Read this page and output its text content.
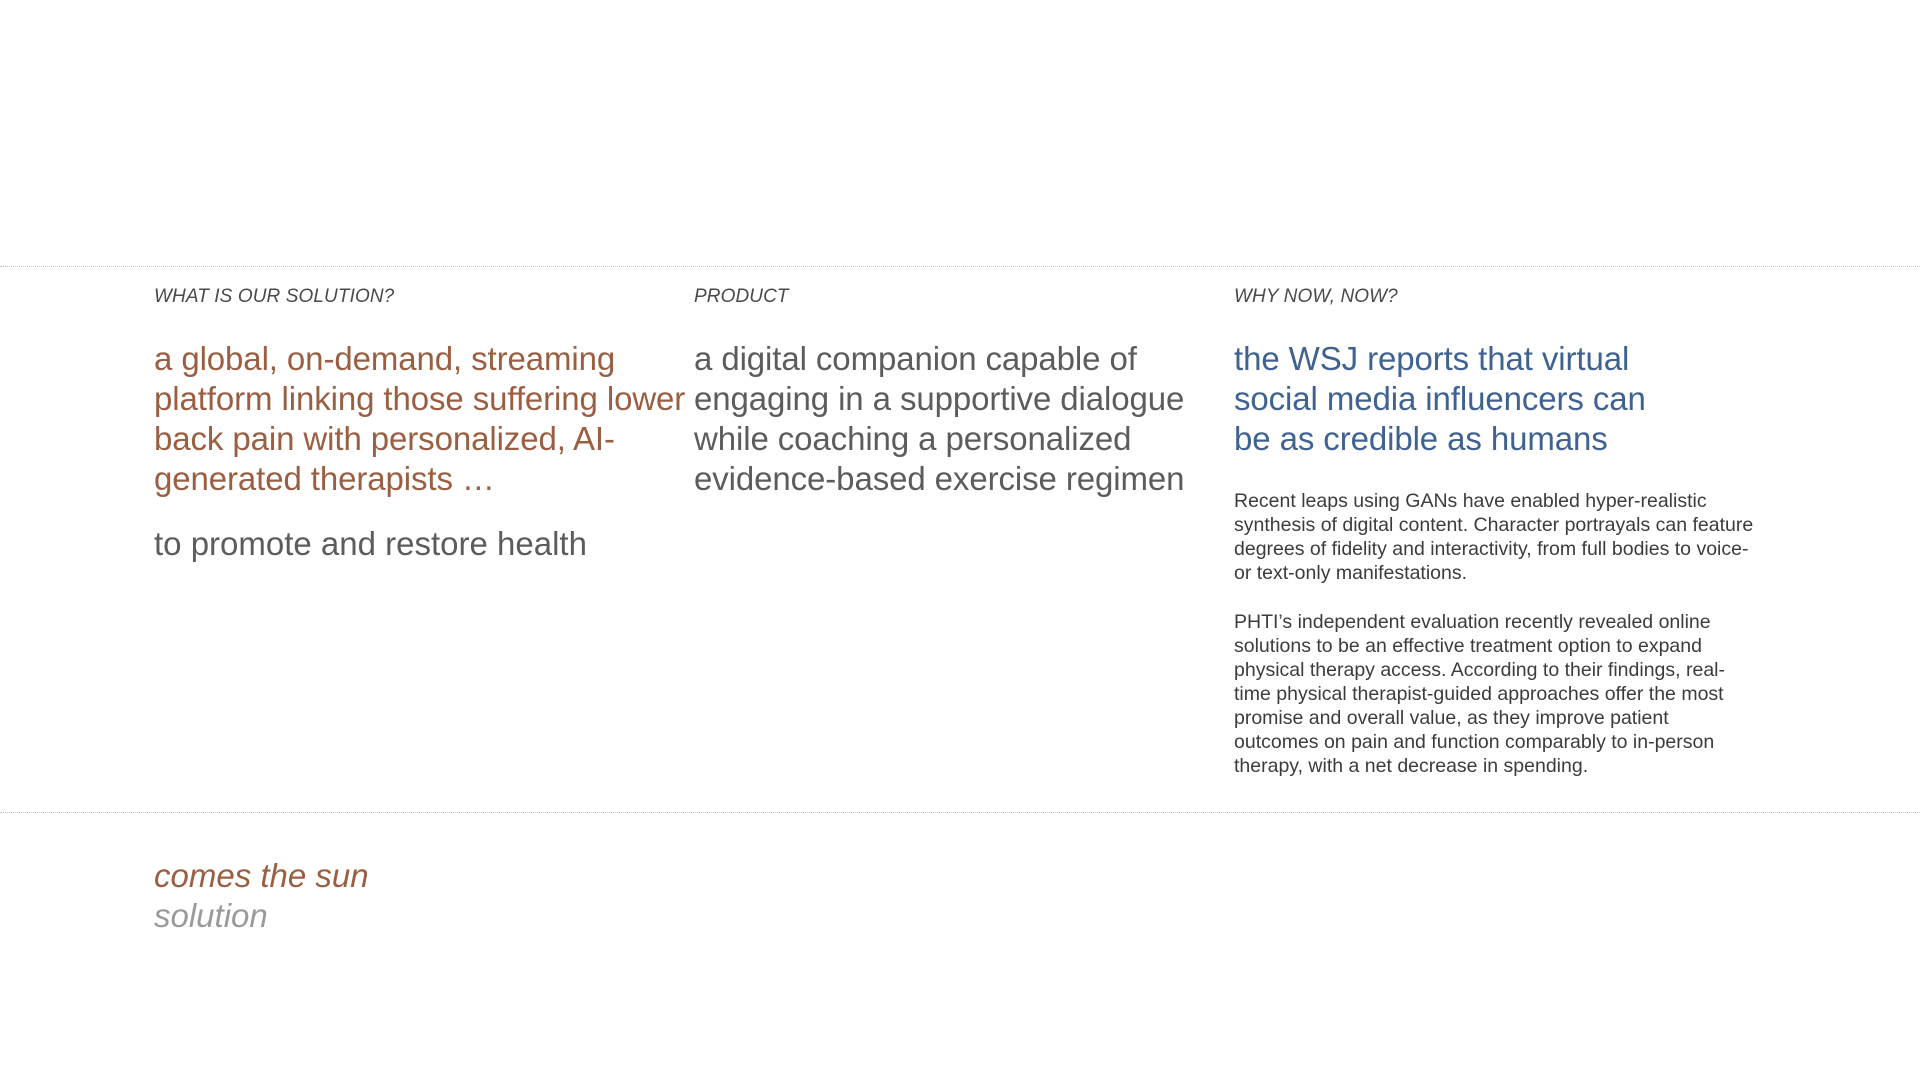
WHAT IS OUR SOLUTION?

a global, on-demand, streaming platform linking those suffering lower back pain with personalized, AI-generated therapists …

to promote and restore health

PRODUCT

a digital companion capable of engaging in a supportive dialogue while coaching a personalized evidence-based exercise regimen

WHY NOW, NOW?

the WSJ reports that virtual social media influencers can be as credible as humans

Recent leaps using GANs have enabled hyper-realistic synthesis of digital content. Character portrayals can feature degrees of fidelity and interactivity, from full bodies to voice-or text-only manifestations.

PHTI’s independent evaluation recently revealed online solutions to be an effective treatment option to expand physical therapy access. According to their findings, real-time physical therapist-guided approaches offer the most promise and overall value, as they improve patient outcomes on pain and function comparably to in-person therapy, with a net decrease in spending.

comes the sun

solution
